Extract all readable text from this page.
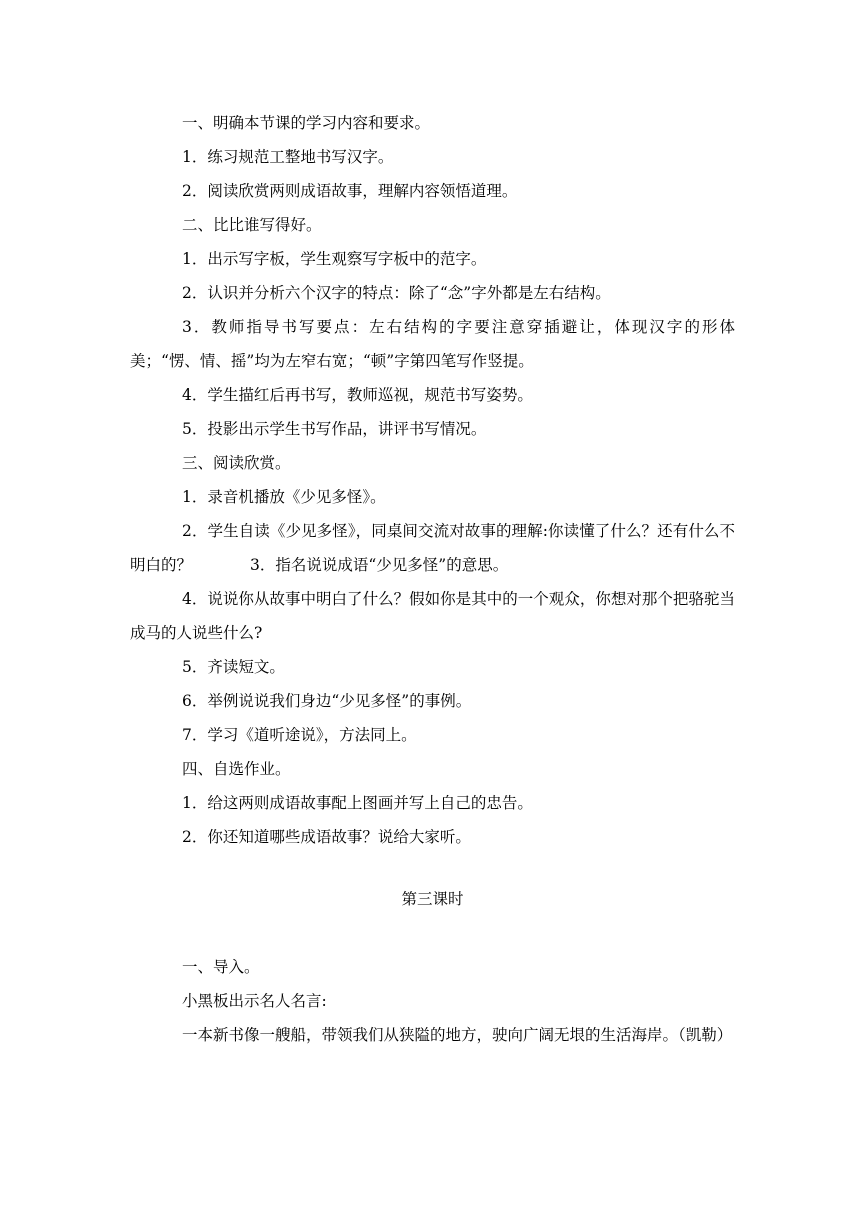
一、明确本节课的学习内容和要求。

1．练习规范工整地书写汉字。

2．阅读欣赏两则成语故事，理解内容领悟道理。

二、比比谁写得好。

1．出示写字板，学生观察写字板中的范字。

2．认识并分析六个汉字的特点：除了“念”字外都是左右结构。

3．教师指导书写要点：左右结构的字要注意穿插避让，体现汉字的形体美；“愣、情、摇”均为左窄右宽；“顿”字第四笔写作竖提。

4．学生描红后再书写，教师巡视，规范书写姿势。

5．投影出示学生书写作品，讲评书写情况。

三、阅读欣赏。

1．录音机播放《少见多怪》。

2．学生自读《少见多怪》，同桌间交流对故事的理解:你读懂了什么？还有什么不明白的？	3．指名说说成语“少见多怪”的意思。

4．说说你从故事中明白了什么？假如你是其中的一个观众，你想对那个把骆驼当成马的人说些什么?

5．齐读短文。

6．举例说说我们身边“少见多怪”的事例。

7．学习《道听途说》，方法同上。

四、自选作业。

1．给这两则成语故事配上图画并写上自己的忠告。

2．你还知道哪些成语故事？说给大家听。

第三课时

一、导入。

小黑板出示名人名言:

一本新书像一艘船，带领我们从狭隘的地方，驶向广阔无垠的生活海岸。（凯勒）
